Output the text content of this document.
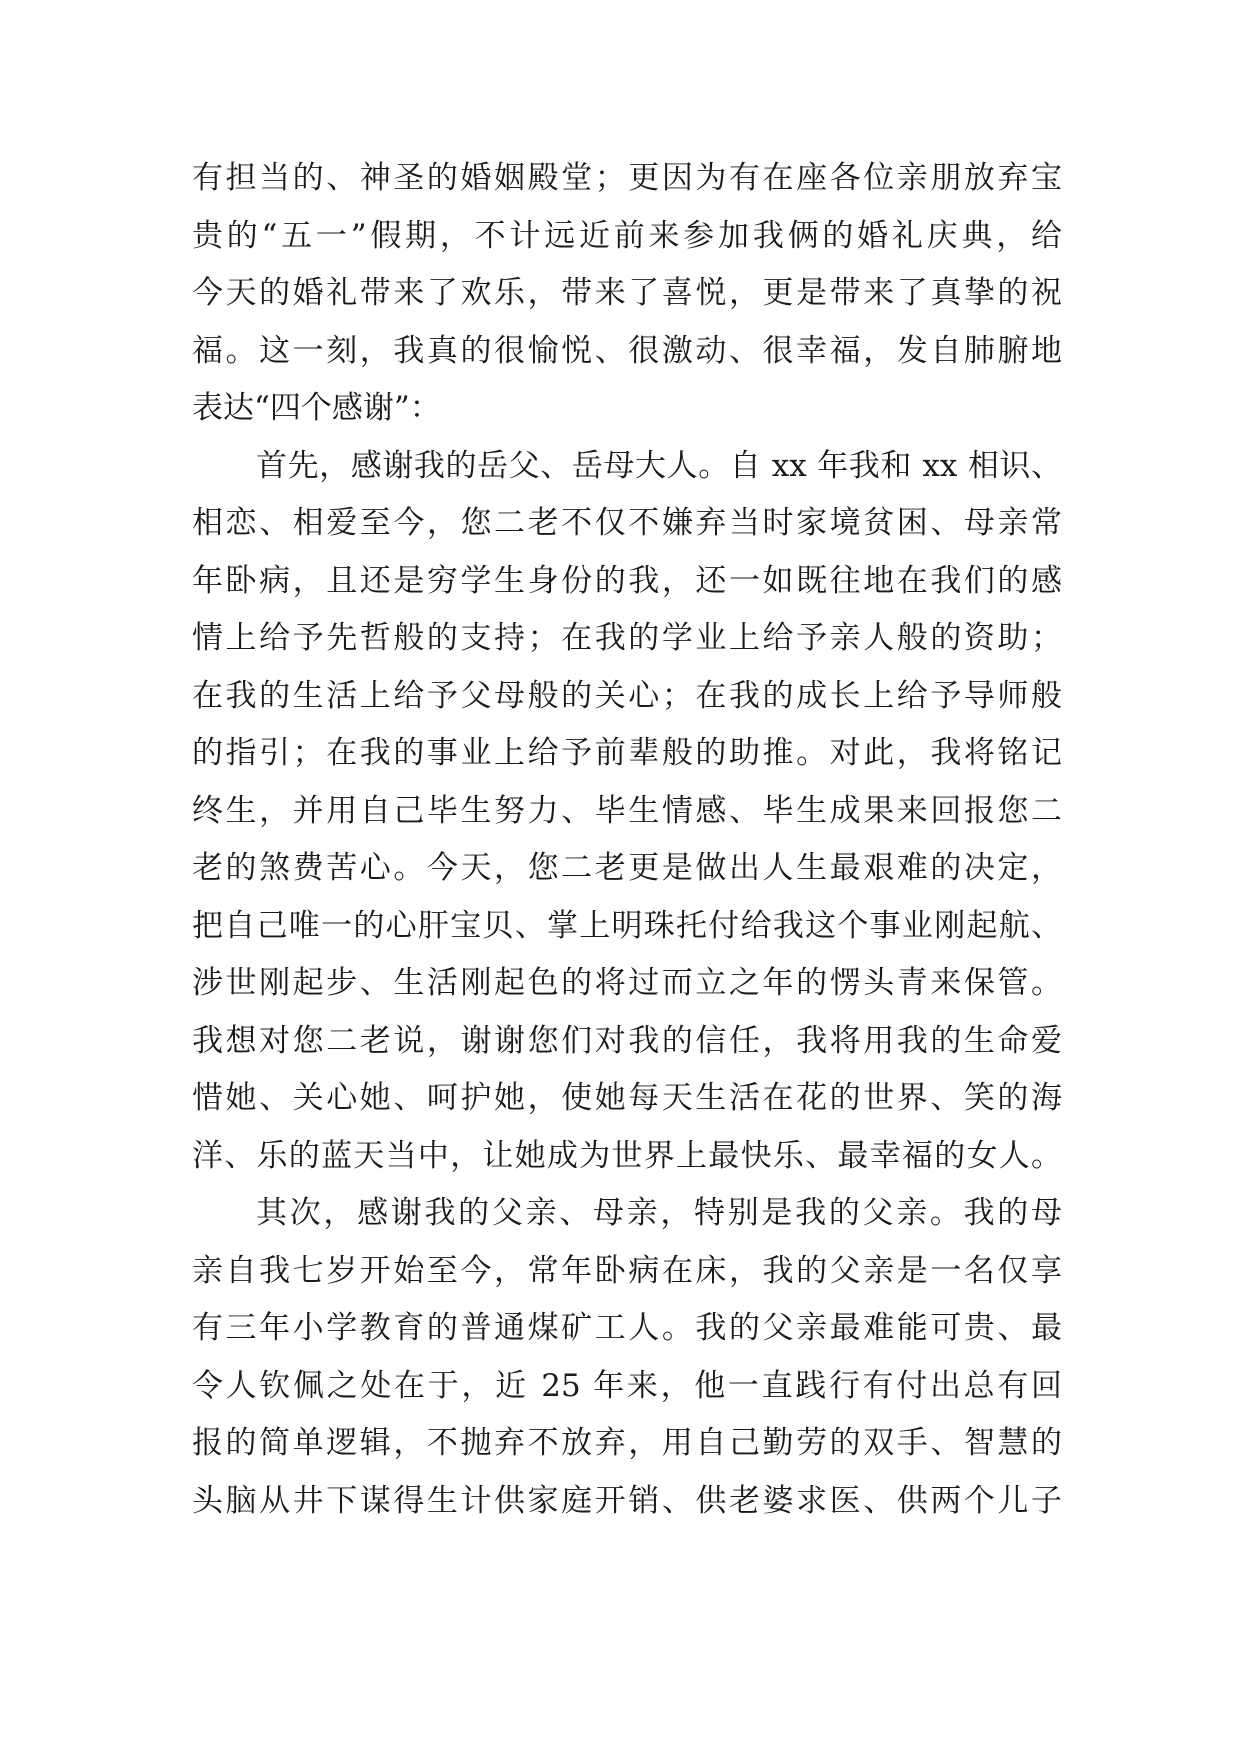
有担当的、神圣的婚姻殿堂；更因为有在座各位亲朋放弃宝
贵的“五一”假期，不计远近前来参加我俩的婚礼庆典，给
今天的婚礼带来了欢乐，带来了喜悦，更是带来了真挚的祝
福。这一刻，我真的很愉悦、很激动、很幸福，发自肺腑地
表达“四个感谢”：
首先，感谢我的岳父、岳母大人。自 xx 年我和 xx 相识、
相恋、相爱至今，您二老不仅不嫌弃当时家境贫困、母亲常
年卧病，且还是穷学生身份的我，还一如既往地在我们的感
情上给予先哲般的支持；在我的学业上给予亲人般的资助；
在我的生活上给予父母般的关心；在我的成长上给予导师般
的指引；在我的事业上给予前辈般的助推。对此，我将铭记
终生，并用自己毕生努力、毕生情感、毕生成果来回报您二
老的煞费苦心。今天，您二老更是做出人生最艰难的决定，
把自己唯一的心肝宝贝、掌上明珠托付给我这个事业刚起航、
涉世刚起步、生活刚起色的将过而立之年的愣头青来保管。
我想对您二老说，谢谢您们对我的信任，我将用我的生命爱
惜她、关心她、呵护她，使她每天生活在花的世界、笑的海
洋、乐的蓝天当中，让她成为世界上最快乐、最幸福的女人。
其次，感谢我的父亲、母亲，特别是我的父亲。我的母
亲自我七岁开始至今，常年卧病在床，我的父亲是一名仅享
有三年小学教育的普通煤矿工人。我的父亲最难能可贵、最
令人钦佩之处在于，近 25 年来，他一直践行有付出总有回
报的简单逻辑，不抛弃不放弃，用自己勤劳的双手、智慧的
头脑从井下谋得生计供家庭开销、供老婆求医、供两个儿子
